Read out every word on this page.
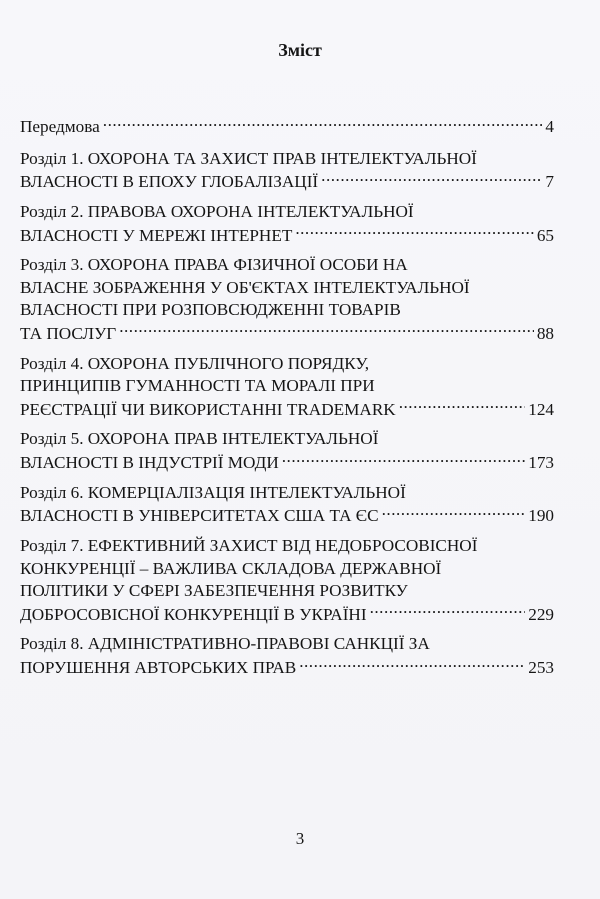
Зміст
Передмова . . .	4
Розділ 1. ОХОРОНА ТА ЗАХИСТ ПРАВ ІНТЕЛЕКТУАЛЬНОЇ
ВЛАСНОСТІ В ЕПОХУ ГЛОБАЛІЗАЦІЇ . . .	7
Розділ 2. ПРАВОВА ОХОРОНА ІНТЕЛЕКТУАЛЬНОЇ
ВЛАСНОСТІ У МЕРЕЖІ ІНТЕРНЕТ . . .	65
Розділ 3. ОХОРОНА ПРАВА ФІЗИЧНОЇ ОСОБИ НА
ВЛАСНЕ ЗОБРАЖЕННЯ У ОБ'ЄКТАХ ІНТЕЛЕКТУАЛЬНОЇ
ВЛАСНОСТІ ПРИ РОЗПОВСЮДЖЕННІ ТОВАРІВ
ТА ПОСЛУГ . . .	88
Розділ 4. ОХОРОНА ПУБЛІЧНОГО ПОРЯДКУ,
ПРИНЦИПІВ ГУМАННОСТІ ТА МОРАЛІ ПРИ
РЕЄСТРАЦІЇ ЧИ ВИКОРИСТАННІ TRADEMARK . . .	124
Розділ 5. ОХОРОНА ПРАВ ІНТЕЛЕКТУАЛЬНОЇ
ВЛАСНОСТІ В ІНДУСТРІЇ МОДИ . . .	173
Розділ 6. КОМЕРЦІАЛІЗАЦІЯ ІНТЕЛЕКТУАЛЬНОЇ
ВЛАСНОСТІ В УНІВЕРСИТЕТАХ США ТА ЄС . . .	190
Розділ 7. ЕФЕКТИВНИЙ ЗАХИСТ ВІД НЕДОБРОСОВІСНОЇ
КОНКУРЕНЦІЇ – ВАЖЛИВА СКЛАДОВА ДЕРЖАВНОЇ
ПОЛІТИКИ У СФЕРІ ЗАБЕЗПЕЧЕННЯ РОЗВИТКУ
ДОБРОСОВІСНОЇ КОНКУРЕНЦІЇ В УКРАЇНІ . . .	229
Розділ 8. АДМІНІСТРАТИВНО-ПРАВОВІ САНКЦІЇ ЗА
ПОРУШЕННЯ АВТОРСЬКИХ ПРАВ . . .	253
3
